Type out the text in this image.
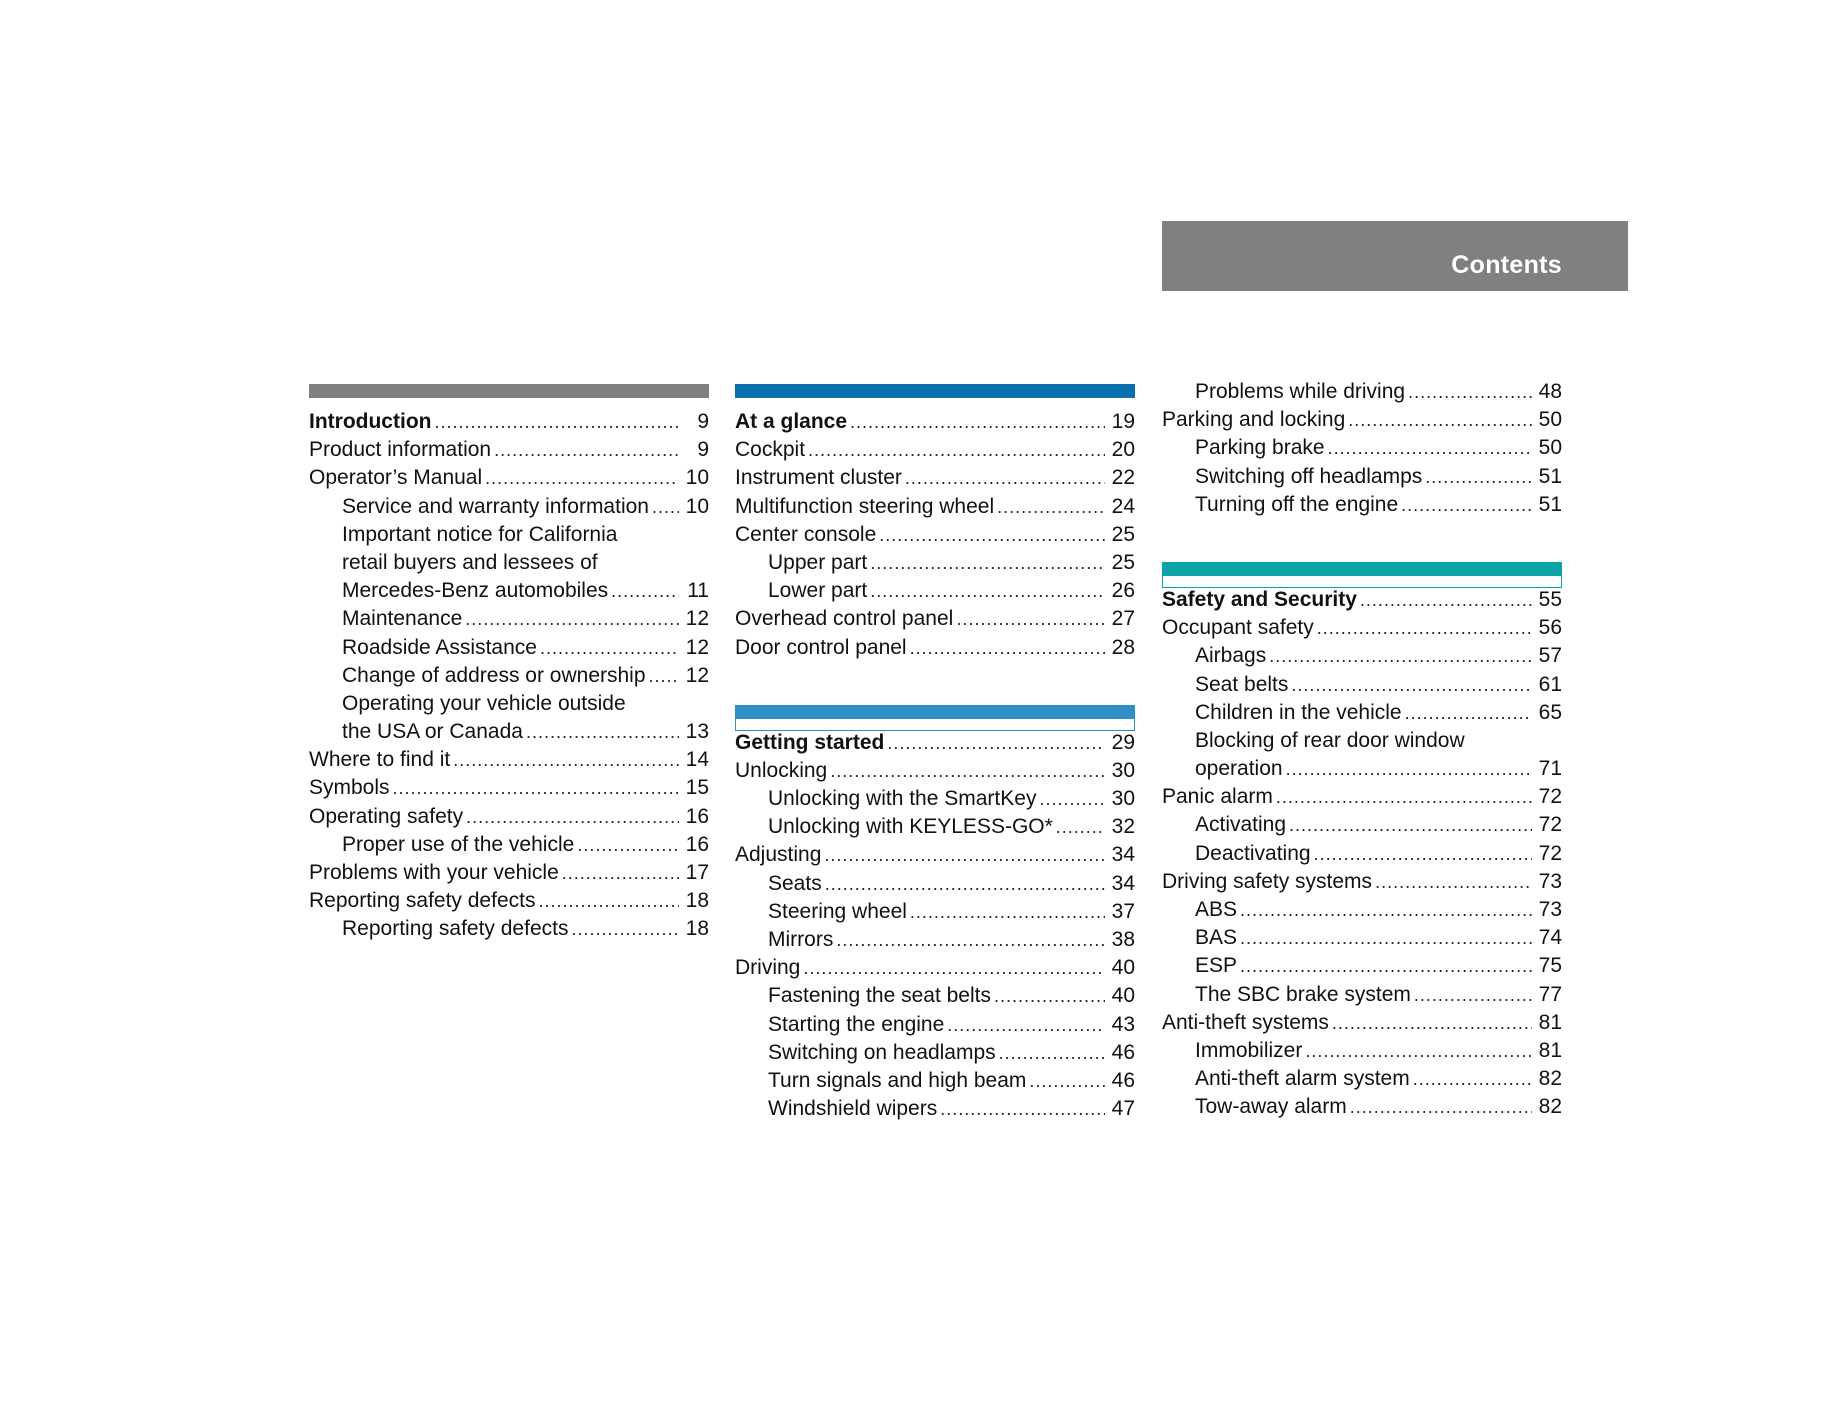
Contents
Introduction .....	9
Product information .....	9
Operator’s Manual .....	10
Service and warranty information ..... 10
Important notice for California
retail buyers and lessees of
Mercedes-Benz automobiles .....	11
Maintenance .....	12
Roadside Assistance .....	12
Change of address or ownership ..... 12
Operating your vehicle outside
the USA or Canada .....	13
Where to find it .....	14
Symbols .....	15
Operating safety .....	16
Proper use of the vehicle .....	16
Problems with your vehicle .....	17
Reporting safety defects .....	18
Reporting safety defects .....	18
At a glance .....	19
Cockpit .....	20
Instrument cluster .....	22
Multifunction steering wheel .....	24
Center console .....	25
Upper part .....	25
Lower part .....	26
Overhead control panel .....	27
Door control panel .....	28
Getting started .....	29
Unlocking .....	30
Unlocking with the SmartKey .....	30
Unlocking with KEYLESS-GO* .....	32
Adjusting .....	34
Seats .....	34
Steering wheel .....	37
Mirrors .....	38
Driving .....	40
Fastening the seat belts .....	40
Starting the engine .....	43
Switching on headlamps .....	46
Turn signals and high beam .....	46
Windshield wipers .....	47
Problems while driving .....	48
Parking and locking .....	50
Parking brake .....	50
Switching off headlamps .....	51
Turning off the engine .....	51
Safety and Security .....	55
Occupant safety .....	56
Airbags .....	57
Seat belts .....	61
Children in the vehicle .....	65
Blocking of rear door window
operation .....	71
Panic alarm .....	72
Activating .....	72
Deactivating .....	72
Driving safety systems .....	73
ABS .....	73
BAS .....	74
ESP .....	75
The SBC brake system .....	77
Anti-theft systems .....	81
Immobilizer .....	81
Anti-theft alarm system .....	82
Tow-away alarm .....	82
